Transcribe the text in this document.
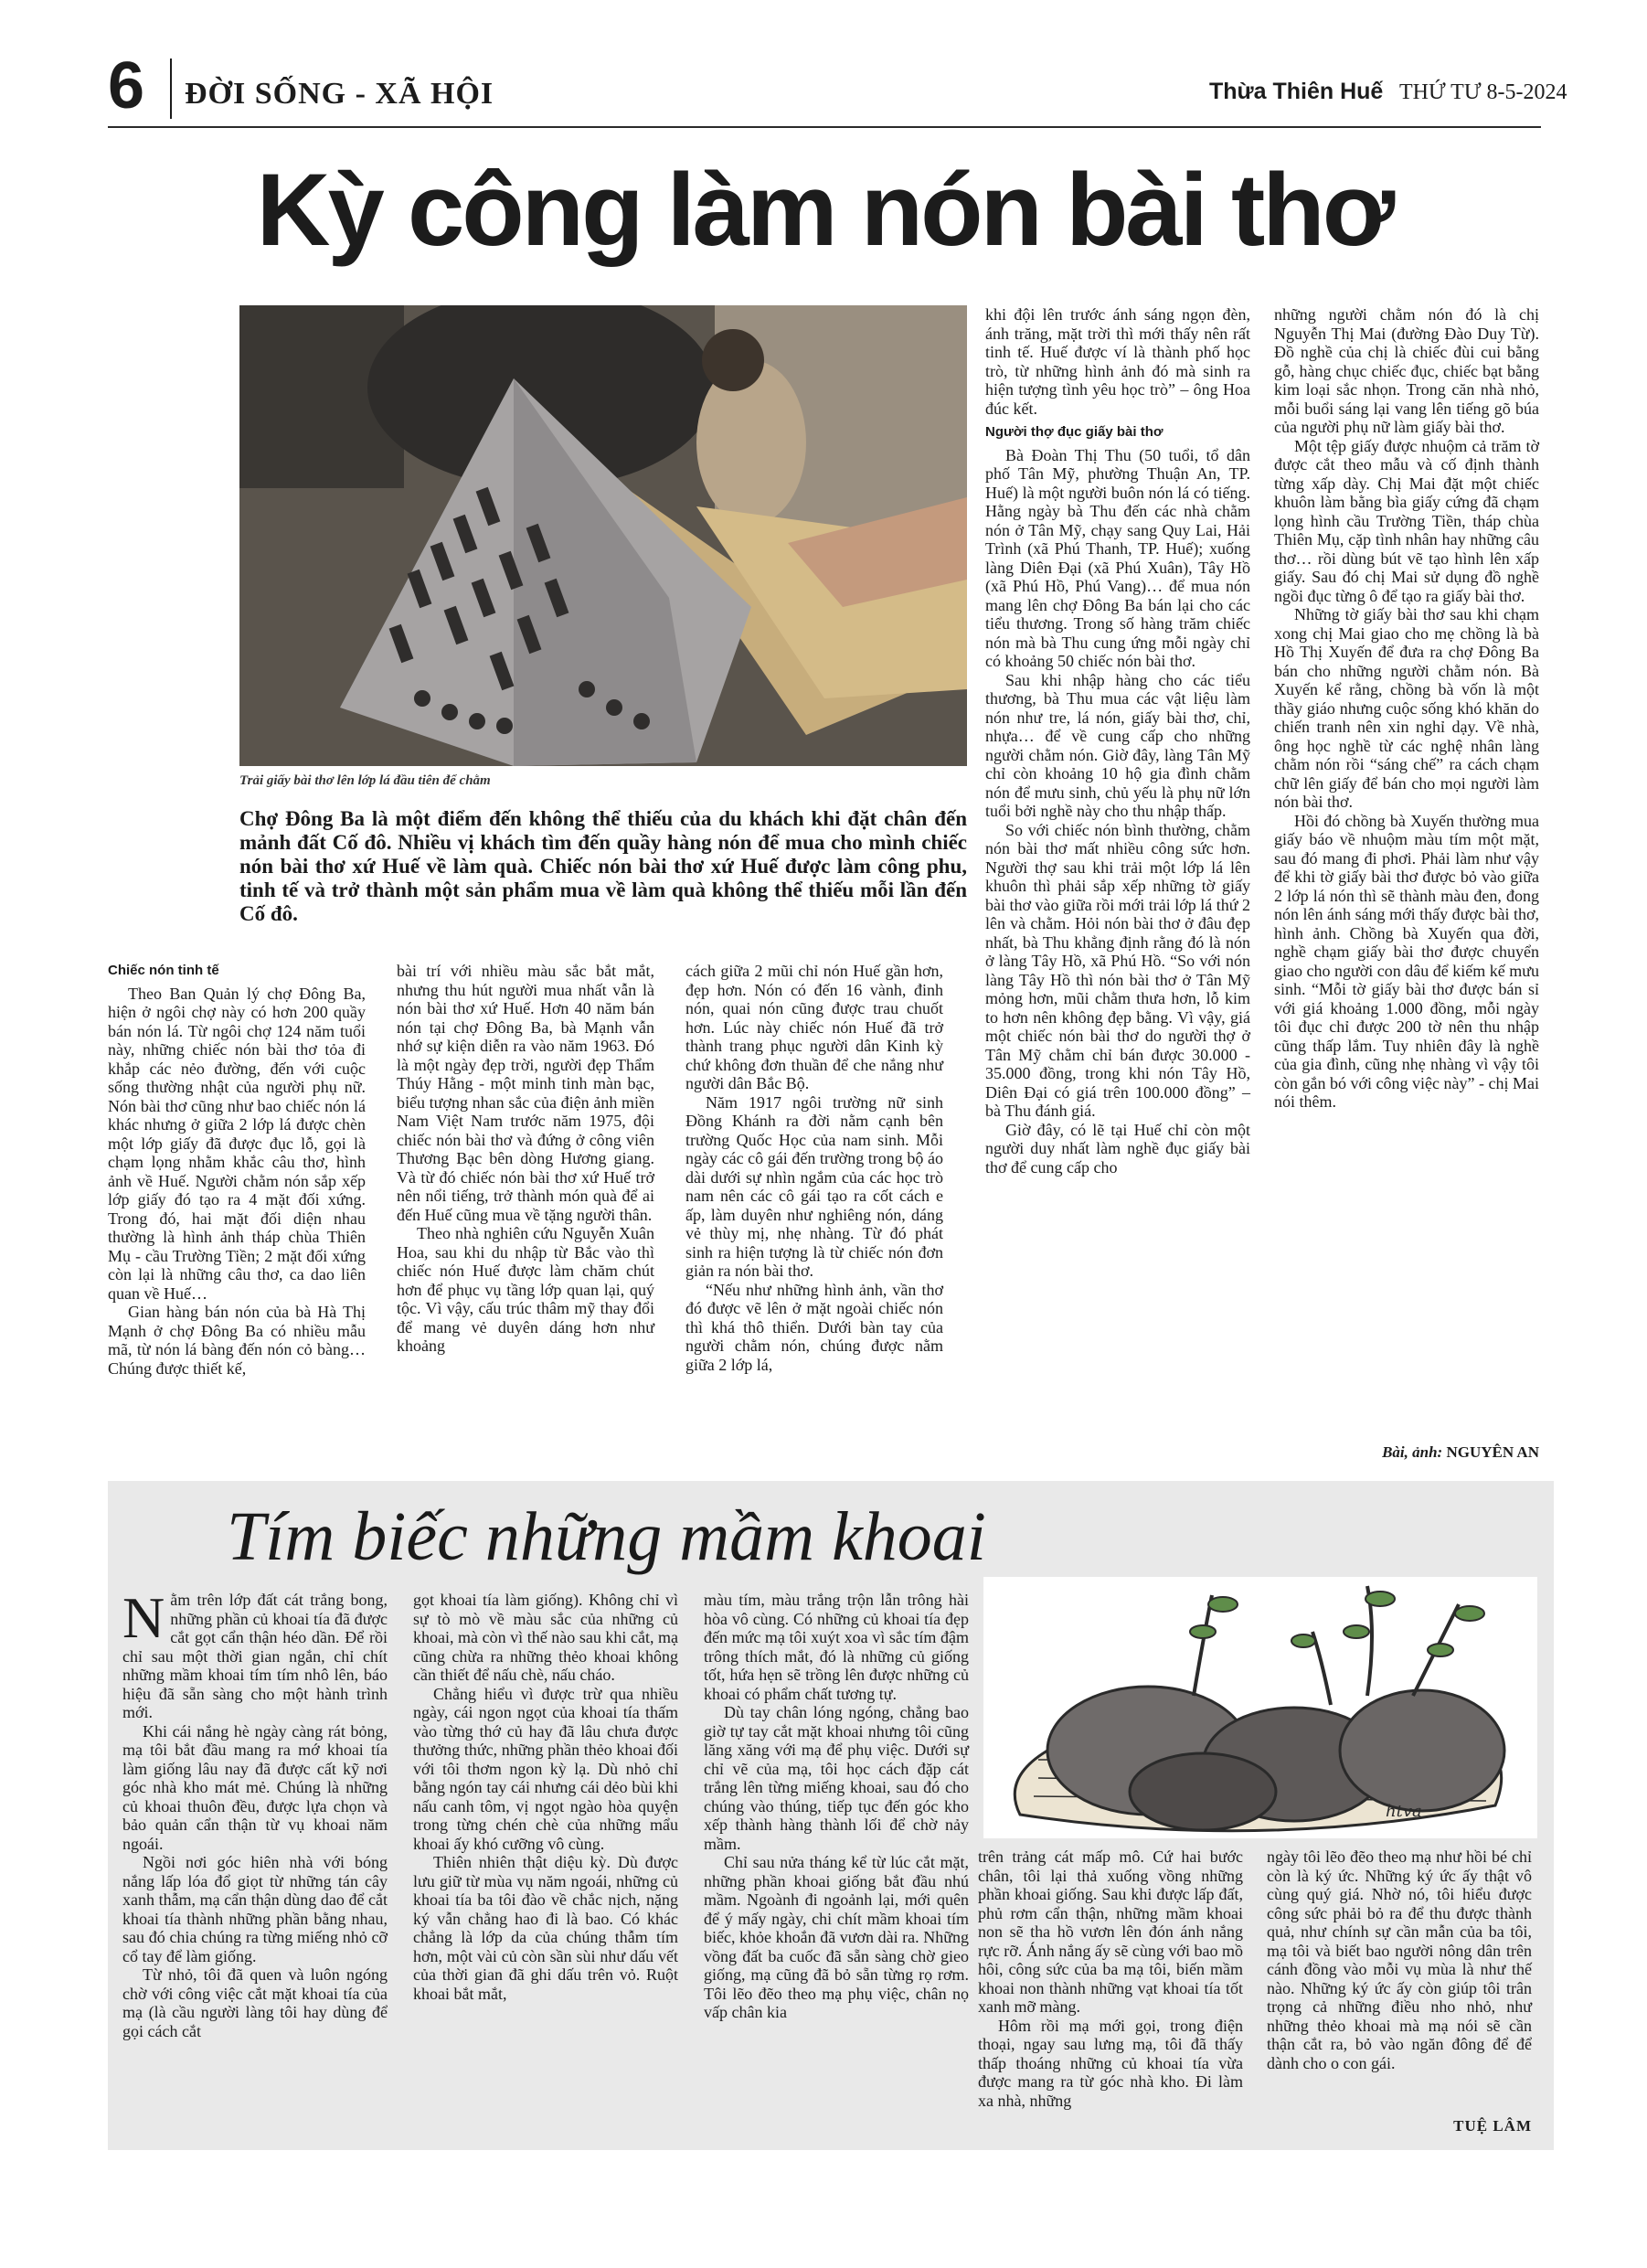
6 ĐỜI SỐNG - XÃ HỘI	Thừa Thiên Huế THỨ TƯ 8-5-2024
Kỳ công làm nón bài thơ
Trải giấy bài thơ lên lớp lá đầu tiên để chằm
Chợ Đông Ba là một điểm đến không thể thiếu của du khách khi đặt chân đến mảnh đất Cố đô. Nhiều vị khách tìm đến quầy hàng nón để mua cho mình chiếc nón bài thơ xứ Huế về làm quà. Chiếc nón bài thơ xứ Huế được làm công phu, tinh tế và trở thành một sản phẩm mua về làm quà không thể thiếu mỗi lần đến Cố đô.
Chiếc nón tinh tế

Theo Ban Quản lý chợ Đông Ba, hiện ở ngôi chợ này có hơn 200 quầy bán nón lá. Từ ngôi chợ 124 năm tuổi này, những chiếc nón bài thơ tỏa đi khắp các nẻo đường, đến với cuộc sống thường nhật của người phụ nữ. Nón bài thơ cũng như bao chiếc nón lá khác nhưng ở giữa 2 lớp lá được chèn một lớp giấy đã được đục lỗ, gọi là chạm lọng nhằm khắc câu thơ, hình ảnh về Huế. Người chằm nón sắp xếp lớp giấy đó tạo ra 4 mặt đối xứng. Trong đó, hai mặt đối diện nhau thường là hình ảnh tháp chùa Thiên Mụ - cầu Trường Tiền; 2 mặt đối xứng còn lại là những câu thơ, ca dao liên quan về Huế…

Gian hàng bán nón của bà Hà Thị Mạnh ở chợ Đông Ba có nhiều mẫu mã, từ nón lá bàng đến nón cỏ bàng… Chúng được thiết kế,

bài trí với nhiều màu sắc bắt mắt, nhưng thu hút người mua nhất vẫn là nón bài thơ xứ Huế. Hơn 40 năm bán nón tại chợ Đông Ba, bà Mạnh vẫn nhớ sự kiện diễn ra vào năm 1963. Đó là một ngày đẹp trời, người đẹp Thẩm Thúy Hằng - một minh tinh màn bạc, biểu tượng nhan sắc của điện ảnh miền Nam Việt Nam trước năm 1975, đội chiếc nón bài thơ và đứng ở công viên Thương Bạc bên dòng Hương giang. Và từ đó chiếc nón bài thơ xứ Huế trở nên nổi tiếng, trở thành món quà để ai đến Huế cũng mua về tặng người thân.

Theo nhà nghiên cứu Nguyễn Xuân Hoa, sau khi du nhập từ Bắc vào thì chiếc nón Huế được làm chăm chút hơn để phục vụ tầng lớp quan lại, quý tộc. Vì vậy, cấu trúc thâm mỹ thay đổi để mang vẻ duyên dáng hơn như khoảng

cách giữa 2 mũi chỉ nón Huế gần hơn, đẹp hơn. Nón có đến 16 vành, đinh nón, quai nón cũng được trau chuốt hơn. Lúc này chiếc nón Huế đã trở thành trang phục người dân Kinh kỳ chứ không đơn thuần để che nắng như người dân Bắc Bộ.

Năm 1917 ngôi trường nữ sinh Đồng Khánh ra đời nằm cạnh bên trường Quốc Học của nam sinh. Mỗi ngày các cô gái đến trường trong bộ áo dài dưới sự nhìn ngắm của các học trò nam nên các cô gái tạo ra cốt cách e ấp, làm duyên như nghiêng nón, dáng vẻ thùy mị, nhẹ nhàng. Từ đó phát sinh ra hiện tượng là từ chiếc nón đơn giản ra nón bài thơ.

“Nếu như những hình ảnh, vần thơ đó được vẽ lên ở mặt ngoài chiếc nón thì khá thô thiển. Dưới bàn tay của người chằm nón, chúng được nằm giữa 2 lớp lá,

khi đội lên trước ánh sáng ngọn đèn, ánh trăng, mặt trời thì mới thấy nên rất tinh tế. Huế được ví là thành phố học trò, từ những hình ảnh đó mà sinh ra hiện tượng tình yêu học trò” – ông Hoa đúc kết.

Người thợ đục giấy bài thơ

Bà Đoàn Thị Thu (50 tuổi, tổ dân phố Tân Mỹ, phường Thuận An, TP. Huế) là một người buôn nón lá có tiếng. Hằng ngày bà Thu đến các nhà chằm nón ở Tân Mỹ, chạy sang Quy Lai, Hải Trình (xã Phú Thanh, TP. Huế); xuống làng Diên Đại (xã Phú Xuân), Tây Hồ (xã Phú Hồ, Phú Vang)… để mua nón mang lên chợ Đông Ba bán lại cho các tiểu thương. Trong số hàng trăm chiếc nón mà bà Thu cung ứng mỗi ngày chỉ có khoảng 50 chiếc nón bài thơ.

Sau khi nhập hàng cho các tiểu thương, bà Thu mua các vật liệu làm nón như tre, lá nón, giấy bài thơ, chỉ, nhựa… để về cung cấp cho những người chằm nón. Giờ đây, làng Tân Mỹ chỉ còn khoảng 10 hộ gia đình chằm nón để mưu sinh, chủ yếu là phụ nữ lớn tuổi bởi nghề này cho thu nhập thấp.

So với chiếc nón bình thường, chằm nón bài thơ mất nhiều công sức hơn. Người thợ sau khi trải một lớp lá lên khuôn thì phải sắp xếp những tờ giấy bài thơ vào giữa rồi mới trải lớp lá thứ 2 lên và chằm. Hỏi nón bài thơ ở đâu đẹp nhất, bà Thu khẳng định rằng đó là nón ở làng Tây Hồ, xã Phú Hồ. “So với nón làng Tây Hồ thì nón bài thơ ở Tân Mỹ mỏng hơn, mũi chằm thưa hơn, lỗ kim to hơn nên không đẹp bằng. Vì vậy, giá một chiếc nón bài thơ do người thợ ở Tân Mỹ chằm chỉ bán được 30.000 - 35.000 đồng, trong khi nón Tây Hồ, Diên Đại có giá trên 100.000 đồng” – bà Thu đánh giá.

Giờ đây, có lẽ tại Huế chỉ còn một người duy nhất làm nghề đục giấy bài thơ để cung cấp cho

những người chằm nón đó là chị Nguyễn Thị Mai (đường Đào Duy Từ). Đồ nghề của chị là chiếc đùi cui bằng gỗ, hàng chục chiếc đục, chiếc bạt bằng kim loại sắc nhọn. Trong căn nhà nhỏ, mỗi buổi sáng lại vang lên tiếng gõ búa của người phụ nữ làm giấy bài thơ.

Một tệp giấy được nhuộm cả trăm tờ được cắt theo mẫu và cố định thành từng xấp dày. Chị Mai đặt một chiếc khuôn làm bằng bìa giấy cứng đã chạm lọng hình cầu Trường Tiền, tháp chùa Thiên Mụ, cặp tình nhân hay những câu thơ… rồi dùng bút vẽ tạo hình lên xấp giấy. Sau đó chị Mai sử dụng đồ nghề ngồi đục từng ô để tạo ra giấy bài thơ.

Những tờ giấy bài thơ sau khi chạm xong chị Mai giao cho mẹ chồng là bà Hồ Thị Xuyến để đưa ra chợ Đông Ba bán cho những người chằm nón. Bà Xuyến kể rằng, chồng bà vốn là một thầy giáo nhưng cuộc sống khó khăn do chiến tranh nên xin nghỉ dạy. Về nhà, ông học nghề từ các nghệ nhân làng chằm nón rồi “sáng chế” ra cách chạm chữ lên giấy để bán cho mọi người làm nón bài thơ.

Hồi đó chồng bà Xuyến thường mua giấy báo về nhuộm màu tím một mặt, sau đó mang đi phơi. Phải làm như vậy để khi tờ giấy bài thơ được bỏ vào giữa 2 lớp lá nón thì sẽ thành màu đen, đong nón lên ánh sáng mới thấy được bài thơ, hình ảnh. Chồng bà Xuyến qua đời, nghề chạm giấy bài thơ được chuyển giao cho người con dâu để kiếm kế mưu sinh. “Mỗi tờ giấy bài thơ được bán sỉ với giá khoảng 1.000 đồng, mỗi ngày tôi đục chỉ được 200 tờ nên thu nhập cũng thấp lắm. Tuy nhiên đây là nghề của gia đình, cũng nhẹ nhàng vì vậy tôi còn gắn bó với công việc này” - chị Mai nói thêm.

Bài, ảnh: NGUYÊN AN
Tím biếc những mầm khoai
htva

Nằm trên lớp đất cát trắng bong, những phần củ khoai tía đã được cắt gọt cẩn thận héo dần. Để rồi chỉ sau một thời gian ngắn, chỉ chít những mầm khoai tím tím nhô lên, báo hiệu đã sẵn sàng cho một hành trình mới.

Khi cái nắng hè ngày càng rát bỏng, mạ tôi bắt đầu mang ra mớ khoai tía làm giống lâu nay đã được cất kỹ nơi góc nhà kho mát mẻ. Chúng là những củ khoai thuôn đều, được lựa chọn và bảo quản cẩn thận từ vụ khoai năm ngoái.

Ngồi nơi góc hiên nhà với bóng nắng lấp lóa đổ giọt từ những tán cây xanh thẫm, mạ cẩn thận dùng dao để cắt khoai tía thành những phần bằng nhau, sau đó chia chúng ra từng miếng nhỏ cỡ cổ tay để làm giống.

Từ nhỏ, tôi đã quen và luôn ngóng chờ với công việc cắt mặt khoai tía của mạ (là cầu người làng tôi hay dùng để gọi cách cắt

gọt khoai tía làm giống). Không chỉ vì sự tò mò về màu sắc của những củ khoai, mà còn vì thế nào sau khi cắt, mạ cũng chừa ra những thẻo khoai không cần thiết để nấu chè, nấu cháo.

Chẳng hiểu vì được trừ qua nhiều ngày, cái ngon ngọt của khoai tía thấm vào từng thớ củ hay đã lâu chưa được thưởng thức, những phần thẻo khoai đối với tôi thơm ngon kỳ lạ. Dù nhỏ chỉ bằng ngón tay cái nhưng cái dẻo bùi khi nấu canh tôm, vị ngọt ngào hòa quyện trong từng chén chè của những mẩu khoai ấy khó cưỡng vô cùng.

Thiên nhiên thật diệu kỳ. Dù được lưu giữ từ mùa vụ năm ngoái, những củ khoai tía ba tôi đào về chắc nịch, nặng ký vẫn chẳng hao đi là bao. Có khác chẳng là lớp da của chúng thẫm tím hơn, một vài củ còn sần sùi như dấu vết của thời gian đã ghi dấu trên vỏ. Ruột khoai bắt mắt,

màu tím, màu trắng trộn lẫn trông hài hòa vô cùng. Có những củ khoai tía đẹp đến mức mạ tôi xuýt xoa vì sắc tím đậm trông thích mắt, đó là những củ giống tốt, hứa hẹn sẽ trồng lên được những củ khoai có phẩm chất tương tự.

Dù tay chân lóng ngóng, chẳng bao giờ tự tay cắt mặt khoai nhưng tôi cũng lăng xăng với mạ để phụ việc. Dưới sự chỉ vẽ của mạ, tôi học cách đặp cát trắng lên từng miếng khoai, sau đó cho chúng vào thúng, tiếp tục đến góc kho xếp thành hàng thành lối để chờ nảy mầm.

Chỉ sau nửa tháng kể từ lúc cắt mặt, những phần khoai giống bắt đầu nhú mầm. Ngoành đi ngoảnh lại, mới quên để ý mấy ngày, chi chít mầm khoai tím biếc, khỏe khoắn đã vươn dài ra. Những vồng đất ba cuốc đã sẵn sàng chờ gieo giống, mạ cũng đã bỏ sẵn từng rọ rơm. Tôi lẽo đẽo theo mạ phụ việc, chân nọ vấp chân kia

trên trảng cát mấp mô. Cứ hai bước chân, tôi lại thả xuống vồng những phần khoai giống. Sau khi được lấp đất, phủ rơm cẩn thận, những mầm khoai non sẽ tha hồ vươn lên đón ánh nắng rực rỡ. Ánh nắng ấy sẽ cùng với bao mồ hôi, công sức của ba mạ tôi, biến mầm khoai non thành những vạt khoai tía tốt xanh mỡ màng.

Hôm rồi mạ mới gọi, trong điện thoại, ngay sau lưng mạ, tôi đã thấy thấp thoáng những củ khoai tía vừa được mang ra từ góc nhà kho. Đi làm xa nhà, những

ngày tôi lẽo đẽo theo mạ như hồi bé chỉ còn là ký ức. Những ký ức ấy thật vô cùng quý giá. Nhờ nó, tôi hiểu được công sức phải bỏ ra để thu được thành quả, như chính sự cần mẫn của ba tôi, mạ tôi và biết bao người nông dân trên cánh đồng vào mỗi vụ mùa là như thế nào. Những ký ức ấy còn giúp tôi trân trọng cả những điều nho nhỏ, như những thẻo khoai mà mạ nói sẽ cần thận cắt ra, bỏ vào ngăn đông để để dành cho o con gái.

TUỆ LÂM
